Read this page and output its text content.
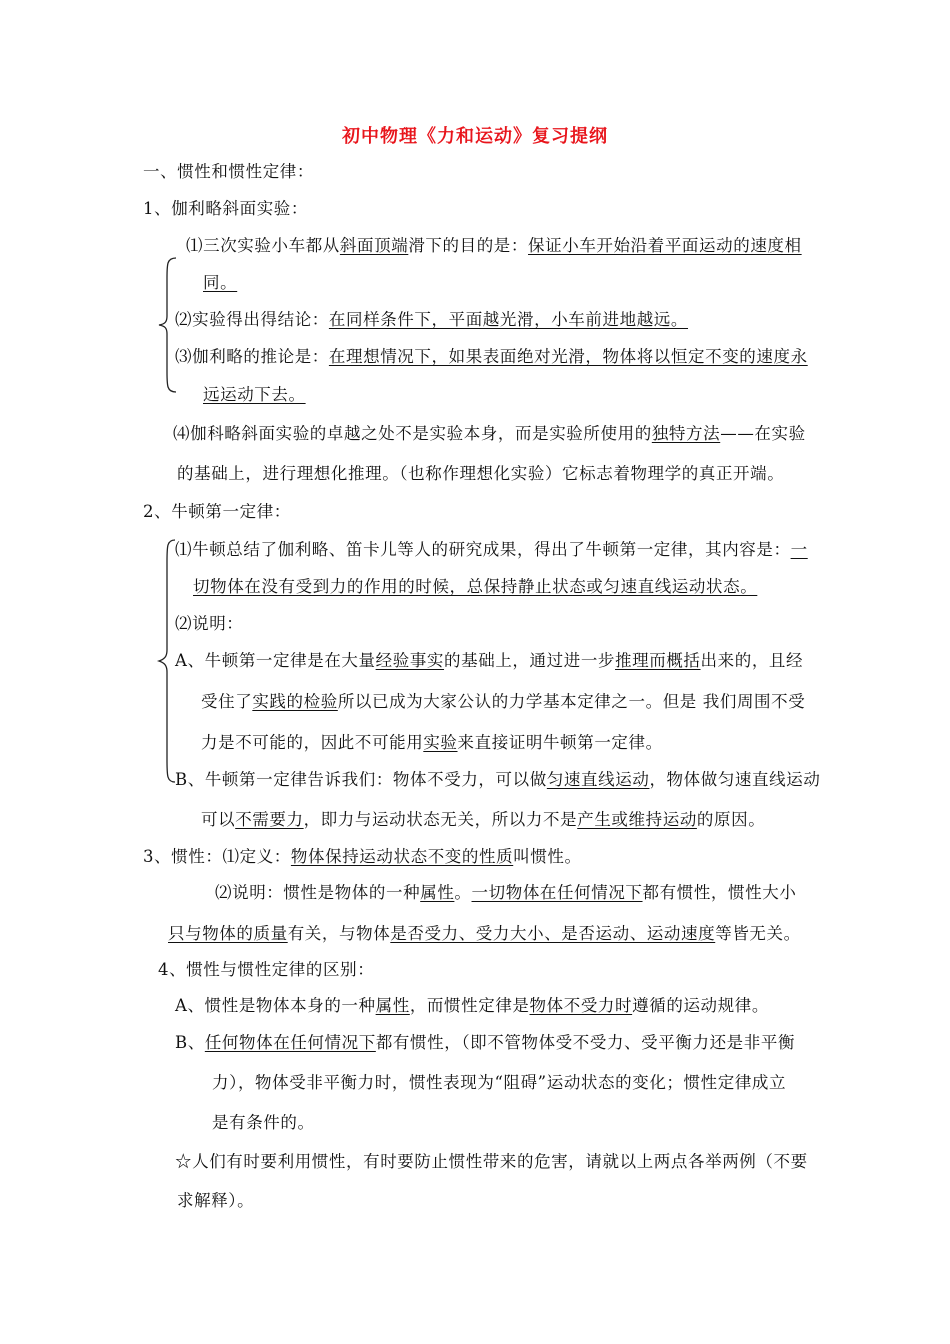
初中物理《力和运动》复习提纲
一、惯性和惯性定律：
1、伽利略斜面实验：
⑴三次实验小车都从斜面顶端滑下的目的是：保证小车开始沿着平面运动的速度相
同。
⑵实验得出得结论：在同样条件下，平面越光滑，小车前进地越远。
⑶伽利略的推论是：在理想情况下，如果表面绝对光滑，物体将以恒定不变的速度永
远运动下去。
⑷伽科略斜面实验的卓越之处不是实验本身，而是实验所使用的独特方法——在实验
的基础上，进行理想化推理。（也称作理想化实验）它标志着物理学的真正开端。
2、牛顿第一定律：
⑴牛顿总结了伽利略、笛卡儿等人的研究成果，得出了牛顿第一定律，其内容是：一
切物体在没有受到力的作用的时候，总保持静止状态或匀速直线运动状态。
⑵说明：
A、牛顿第一定律是在大量经验事实的基础上，通过进一步推理而概括出来的，且经
受住了实践的检验所以已成为大家公认的力学基本定律之一。但是 我们周围不受
力是不可能的，因此不可能用实验来直接证明牛顿第一定律。
B、牛顿第一定律告诉我们：物体不受力，可以做匀速直线运动，物体做匀速直线运动
可以不需要力，即力与运动状态无关，所以力不是产生或维持运动的原因。
3、惯性：⑴定义：物体保持运动状态不变的性质叫惯性。
⑵说明：惯性是物体的一种属性。一切物体在任何情况下都有惯性，惯性大小
只与物体的质量有关，与物体是否受力、受力大小、是否运动、运动速度等皆无关。
4、惯性与惯性定律的区别：
A、惯性是物体本身的一种属性，而惯性定律是物体不受力时遵循的运动规律。
B、任何物体在任何情况下都有惯性，（即不管物体受不受力、受平衡力还是非平衡
力），物体受非平衡力时，惯性表现为“阻碍”运动状态的变化；惯性定律成立
是有条件的。
☆人们有时要利用惯性，有时要防止惯性带来的危害，请就以上两点各举两例（不要
求解释）。
